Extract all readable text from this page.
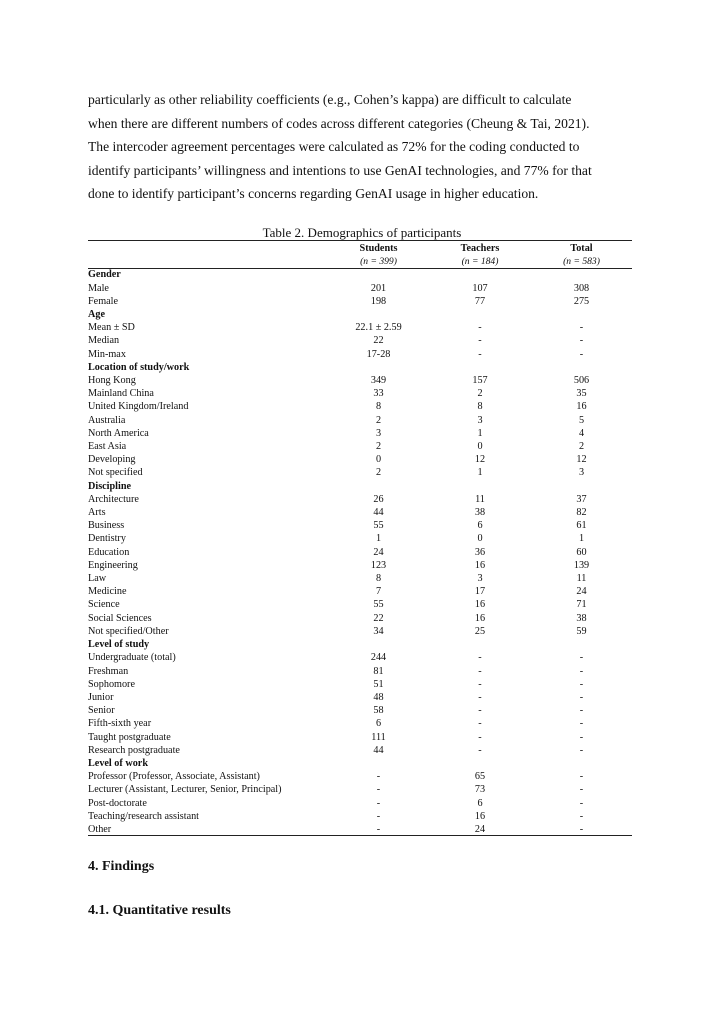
particularly as other reliability coefficients (e.g., Cohen’s kappa) are difficult to calculate
when there are different numbers of codes across different categories (Cheung & Tai, 2021).
The intercoder agreement percentages were calculated as 72% for the coding conducted to
identify participants’ willingness and intentions to use GenAI technologies, and 77% for that
done to identify participant’s concerns regarding GenAI usage in higher education.

Table 2. Demographics of participants

	Students	Teachers	Total
	(n = 399)	(n = 184)	(n = 583)
Gender			
Male	201	107	308
Female	198	77	275
Age			
Mean ± SD	22.1 ± 2.59	-	-
Median	22	-	-
Min-max	17-28	-	-
Location of study/work			
Hong Kong	349	157	506
Mainland China	33	2	35
United Kingdom/Ireland	8	8	16
Australia	2	3	5
North America	3	1	4
East Asia	2	0	2
Developing	0	12	12
Not specified	2	1	3
Discipline			
Architecture	26	11	37
Arts	44	38	82
Business	55	6	61
Dentistry	1	0	1
Education	24	36	60
Engineering	123	16	139
Law	8	3	11
Medicine	7	17	24
Science	55	16	71
Social Sciences	22	16	38
Not specified/Other	34	25	59
Level of study			
Undergraduate (total)	244	-	-
Freshman	81	-	-
Sophomore	51	-	-
Junior	48	-	-
Senior	58	-	-
Fifth-sixth year	6	-	-
Taught postgraduate	111	-	-
Research postgraduate	44	-	-
Level of work			
Professor (Professor, Associate, Assistant)	-	65	-
Lecturer (Assistant, Lecturer, Senior, Principal)	-	73	-
Post-doctorate	-	6	-
Teaching/research assistant	-	16	-
Other	-	24	-
4. Findings
4.1. Quantitative results
